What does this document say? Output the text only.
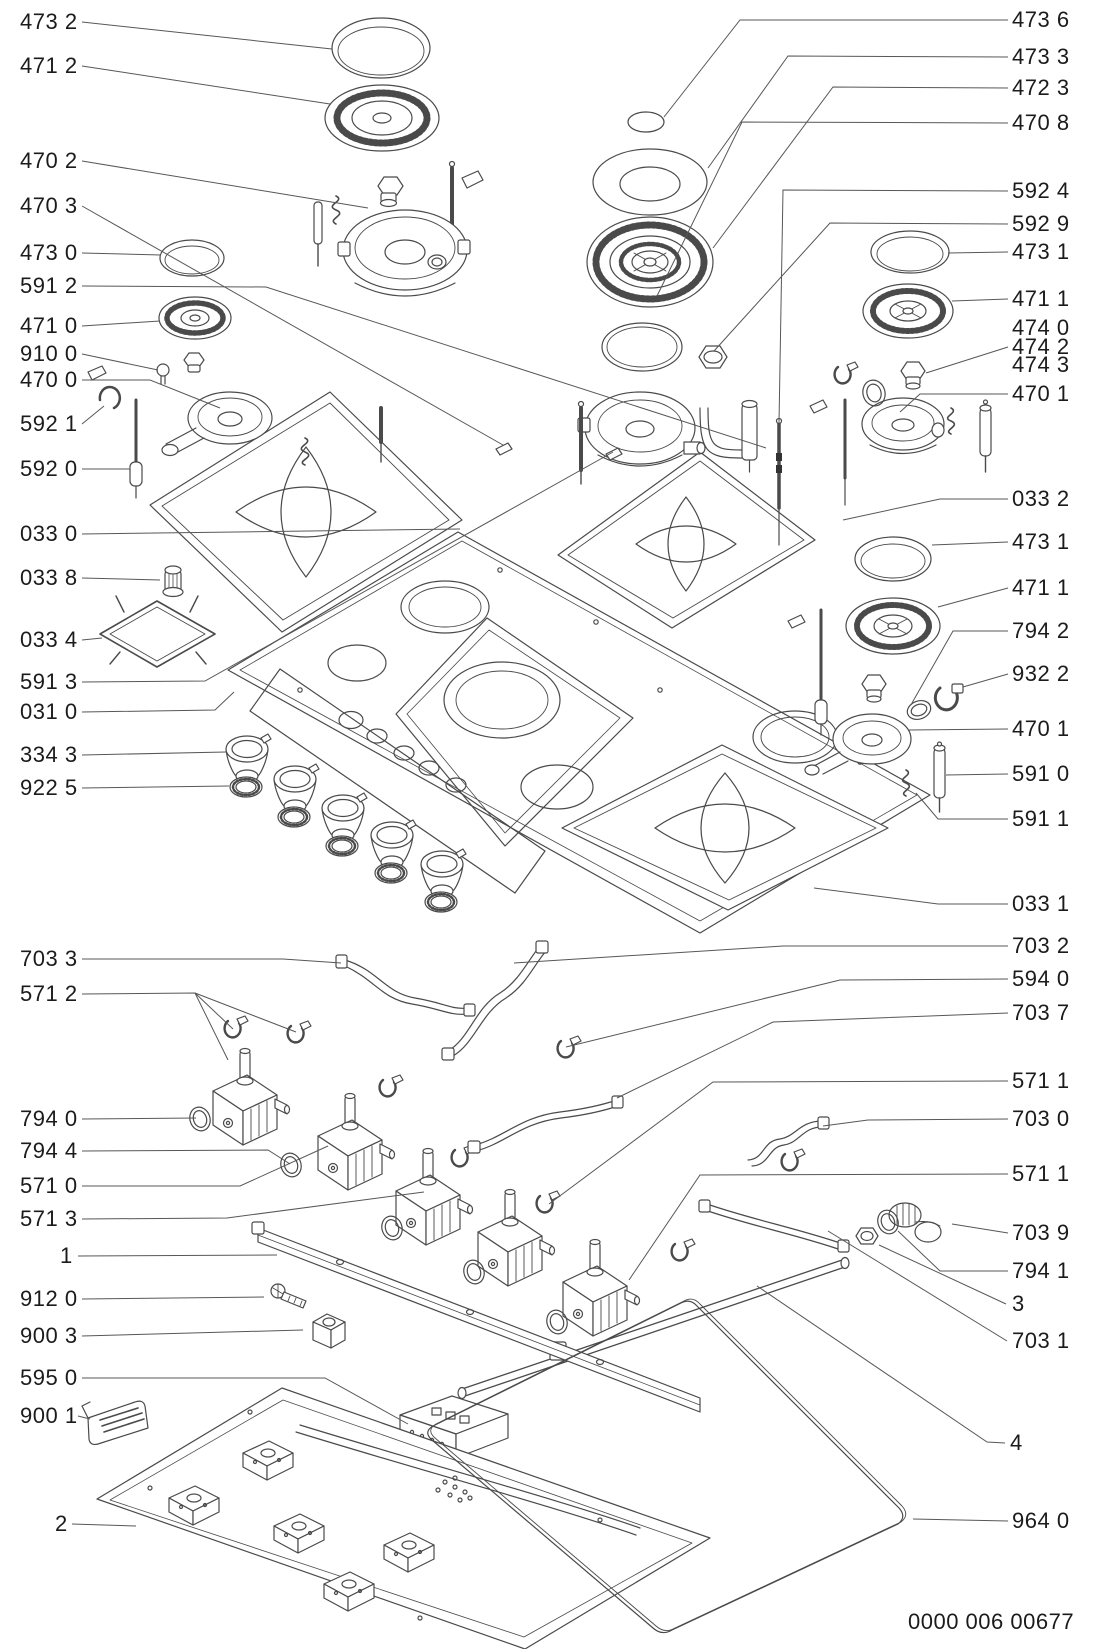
0000 006 00677
473 2
471 2
470 2
470 3
473 0
591 2
471 0
910 0
470 0
592 1
592 0
033 0
033 8
033 4
591 3
031 0
334 3
922 5
703 3
571 2
794 0
794 4
571 0
571 3
1
912 0
900 3
595 0
900 1
2
473 6
473 3
472 3
470 8
592 4
592 9
473 1
471 1
474 0
474 2
474 3
470 1
033 2
473 1
471 1
794 2
932 2
470 1
591 0
591 1
033 1
703 2
594 0
703 7
571 1
703 0
571 1
703 9
794 1
3
703 1
4
964 0
